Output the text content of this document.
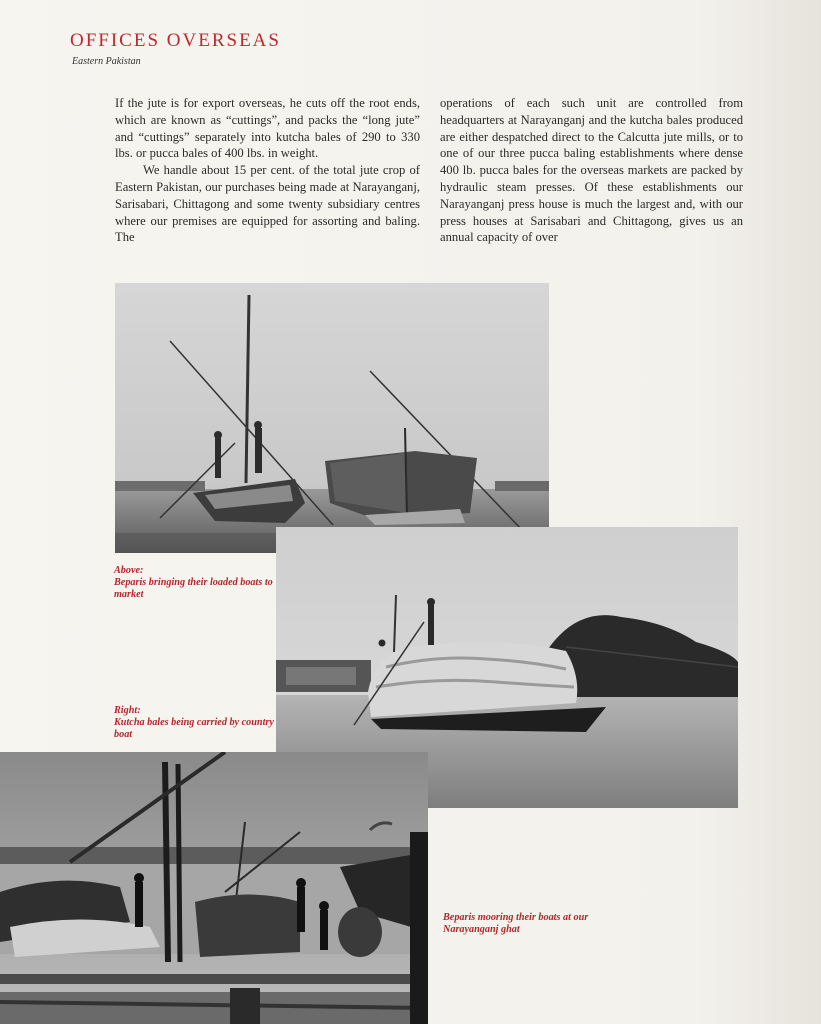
OFFICES OVERSEAS
Eastern Pakistan

If the jute is for export overseas, he cuts off the root ends, which are known as “cuttings”, and packs the “long jute” and “cuttings” separately into kutcha bales of 290 to 330 lbs. or pucca bales of 400 lbs. in weight.

We handle about 15 per cent. of the total jute crop of Eastern Pakistan, our purchases being made at Narayanganj, Sarisabari, Chittagong and some twenty subsidiary centres where our premises are equipped for assorting and baling. The

operations of each such unit are controlled from headquarters at Narayanganj and the kutcha bales produced are either despatched direct to the Calcutta jute mills, or to one of our three pucca baling establishments where dense 400 lb. pucca bales for the overseas markets are packed by hydraulic steam presses. Of these establishments our Narayanganj press house is much the largest and, with our press houses at Sarisabari and Chittagong, gives us an annual capacity of over

Above:
Beparis bringing their loaded boats to market
Right:
Kutcha bales being carried by country boat
Beparis mooring their boats at our Narayanganj ghat
